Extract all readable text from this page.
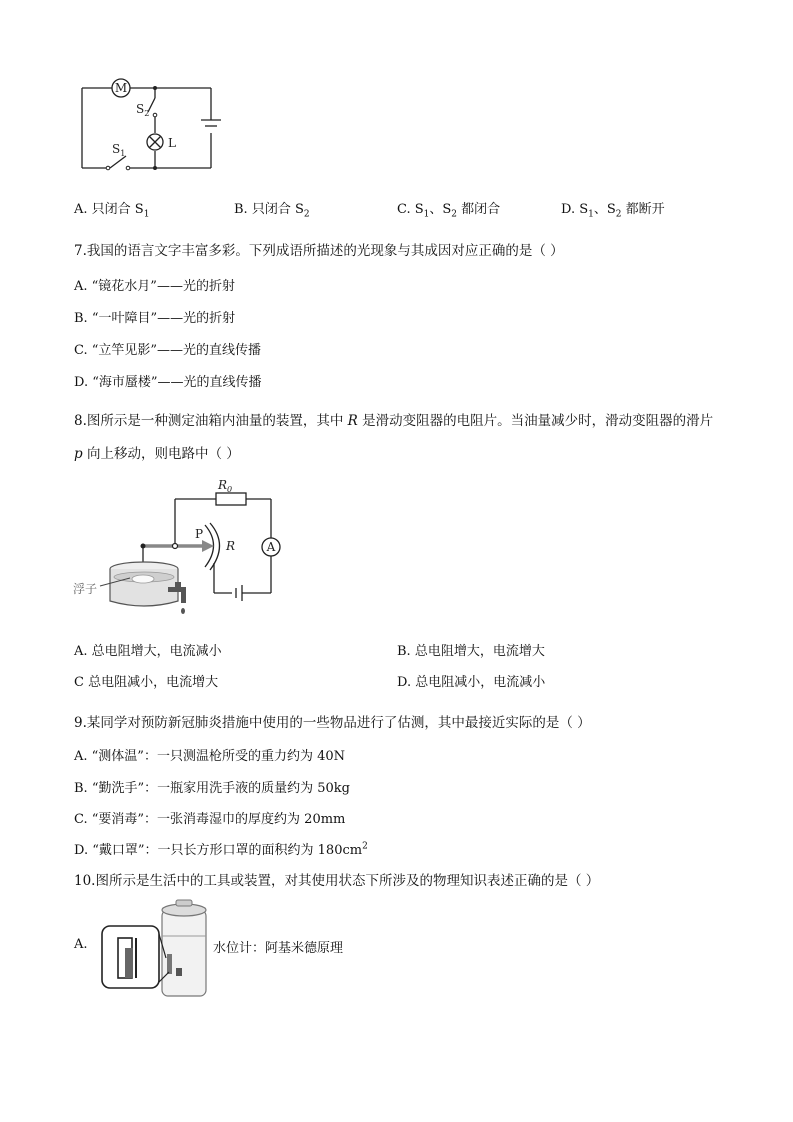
M
$S_2$
$S_1$
L
A. 只闭合 $S_1$	B. 只闭合 $S_2$	C. $S_1$、$S_2$ 都闭合	D. $S_1$、$S_2$ 都断开
7.我国的语言文字丰富多彩。下列成语所描述的光现象与其成因对应正确的是（ ）
A. “镜花水月”——光的折射
B. “一叶障目”——光的折射
C. “立竿见影”——光的直线传播
D. “海市蜃楼”——光的直线传播
8.图所示是一种测定油箱内油量的装置，其中 R 是滑动变阻器的电阻片。当油量减少时，滑动变阻器的滑片
p 向上移动，则电路中（ ）
$R_0$
P
R	A
浮子
A. 总电阻增大，电流减小	B. 总电阻增大，电流增大
C 总电阻减小，电流增大	D. 总电阻减小，电流减小
9.某同学对预防新冠肺炎措施中使用的一些物品进行了估测，其中最接近实际的是（ ）
A. “测体温”：一只测温枪所受的重力约为 40N
B. “勤洗手”：一瓶家用洗手液的质量约为 50kg
C. “要消毒”：一张消毒湿巾的厚度约为 20mm
D. “戴口罩”：一只长方形口罩的面积约为 $180cm^2$
10.图所示是生活中的工具或装置，对其使用状态下所涉及的物理知识表述正确的是（ ）
A.	水位计：阿基米德原理
